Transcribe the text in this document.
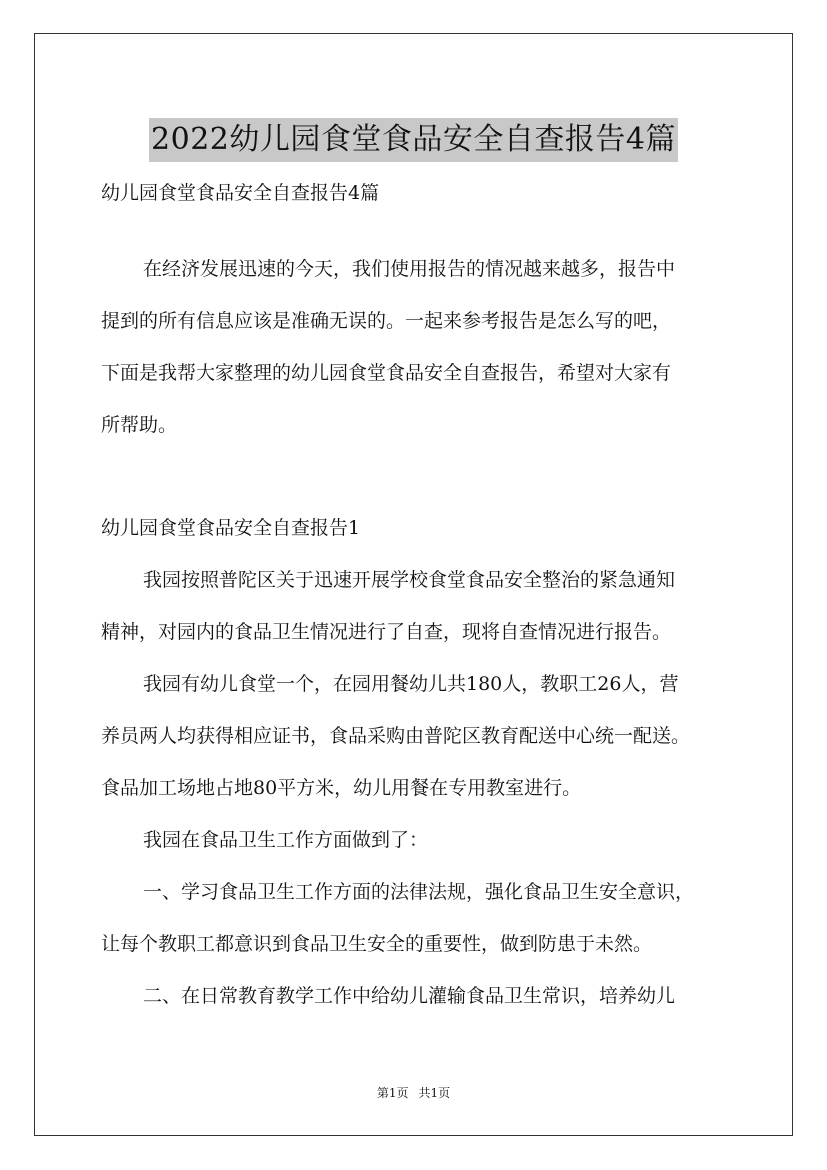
2022幼儿园食堂食品安全自查报告4篇
幼儿园食堂食品安全自查报告4篇
在经济发展迅速的今天，我们使用报告的情况越来越多，报告中
提到的所有信息应该是准确无误的。一起来参考报告是怎么写的吧，
下面是我帮大家整理的幼儿园食堂食品安全自查报告，希望对大家有
所帮助。
幼儿园食堂食品安全自查报告1
我园按照普陀区关于迅速开展学校食堂食品安全整治的紧急通知
精神，对园内的食品卫生情况进行了自查，现将自查情况进行报告。
我园有幼儿食堂一个，在园用餐幼儿共180人，教职工26人，营
养员两人均获得相应证书，食品采购由普陀区教育配送中心统一配送。
食品加工场地占地80平方米，幼儿用餐在专用教室进行。
我园在食品卫生工作方面做到了：
一、学习食品卫生工作方面的法律法规，强化食品卫生安全意识，
让每个教职工都意识到食品卫生安全的重要性，做到防患于未然。
二、在日常教育教学工作中给幼儿灌输食品卫生常识，培养幼儿
第1页 共1页
